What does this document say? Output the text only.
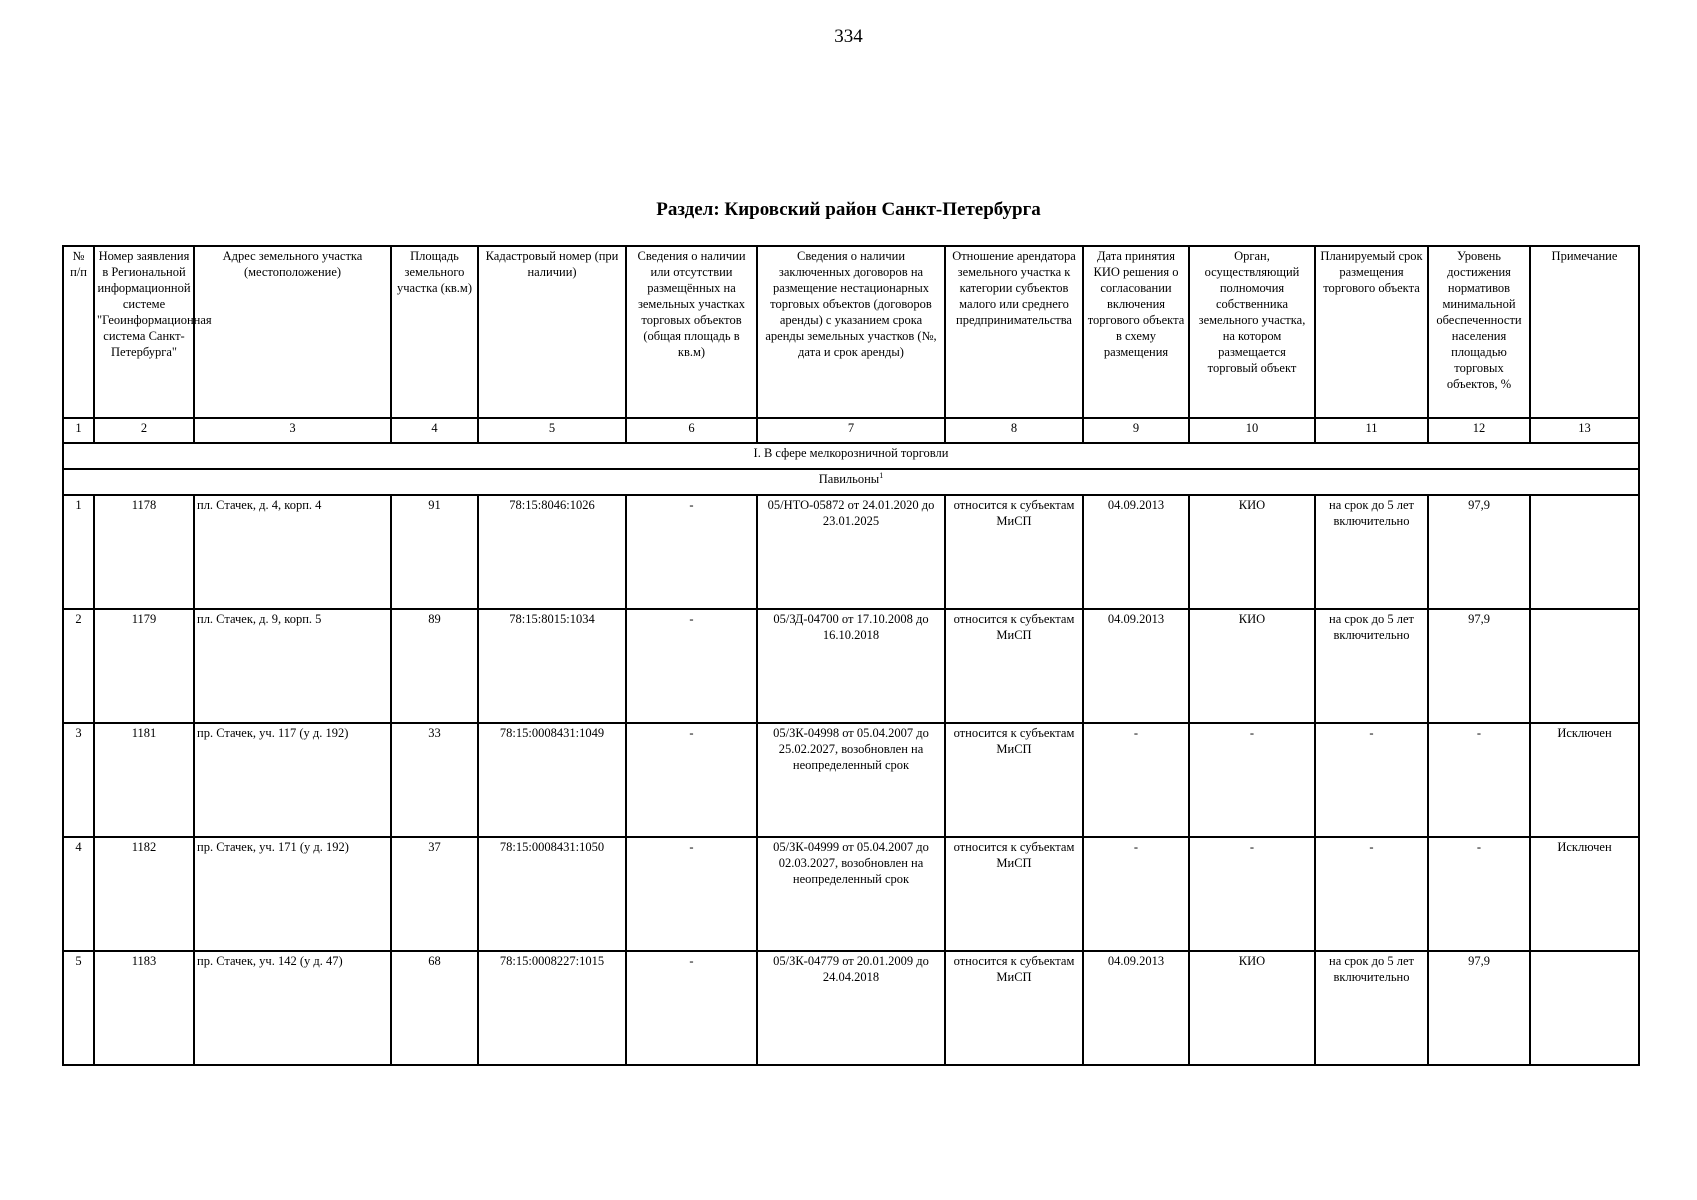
334
Раздел: Кировский район Санкт-Петербурга
№ п/п	Номер заявления в Региональной информационной системе "Геоинформационная система Санкт-Петербурга"	Адрес земельного участка (местоположение)	Площадь земельного участка (кв.м)	Кадастровый номер (при наличии)	Сведения о наличии или отсутствии размещённых на земельных участках торговых объектов (общая площадь в кв.м)	Сведения о наличии заключенных договоров на размещение нестационарных торговых объектов (договоров аренды) с указанием срока аренды земельных участков (№, дата и срок аренды)	Отношение арендатора земельного участка к категории субъектов малого или среднего предпринимательства	Дата принятия КИО решения о согласовании включения торгового объекта в схему размещения	Орган, осуществляющий полномочия собственника земельного участка, на котором размещается торговый объект	Планируемый срок размещения торгового объекта	Уровень достижения нормативов минимальной обеспеченности населения площадью торговых объектов, %	Примечание
1	2	3	4	5	6	7	8	9	10	11	12	13
I. В сфере мелкорозничной торговли												
Павильоны$^1$
1	1178	пл. Стачек, д. 4, корп. 4	91	78:15:8046:1026	-	05/НТО-05872 от 24.01.2020 до 23.01.2025	относится к субъектам МиСП	04.09.2013	КИО	на срок до 5 лет включительно	97,9	
2	1179	пл. Стачек, д. 9, корп. 5	89	78:15:8015:1034	-	05/ЗД-04700 от 17.10.2008 до 16.10.2018	относится к субъектам МиСП	04.09.2013	КИО	на срок до 5 лет включительно	97,9	
3	1181	пр. Стачек, уч. 117 (у д. 192)	33	78:15:0008431:1049	-	05/ЗК-04998 от 05.04.2007 до 25.02.2027, возобновлен на неопределенный срок	относится к субъектам МиСП	-	-	-	-	Исключен
4	1182	пр. Стачек, уч. 171 (у д. 192)	37	78:15:0008431:1050	-	05/ЗК-04999 от 05.04.2007 до 02.03.2027, возобновлен на неопределенный срок	относится к субъектам МиСП	-	-	-	-	Исключен
5	1183	пр. Стачек, уч. 142 (у д. 47)	68	78:15:0008227:1015	-	05/ЗК-04779 от 20.01.2009 до 24.04.2018	относится к субъектам МиСП	04.09.2013	КИО	на срок до 5 лет включительно	97,9	
